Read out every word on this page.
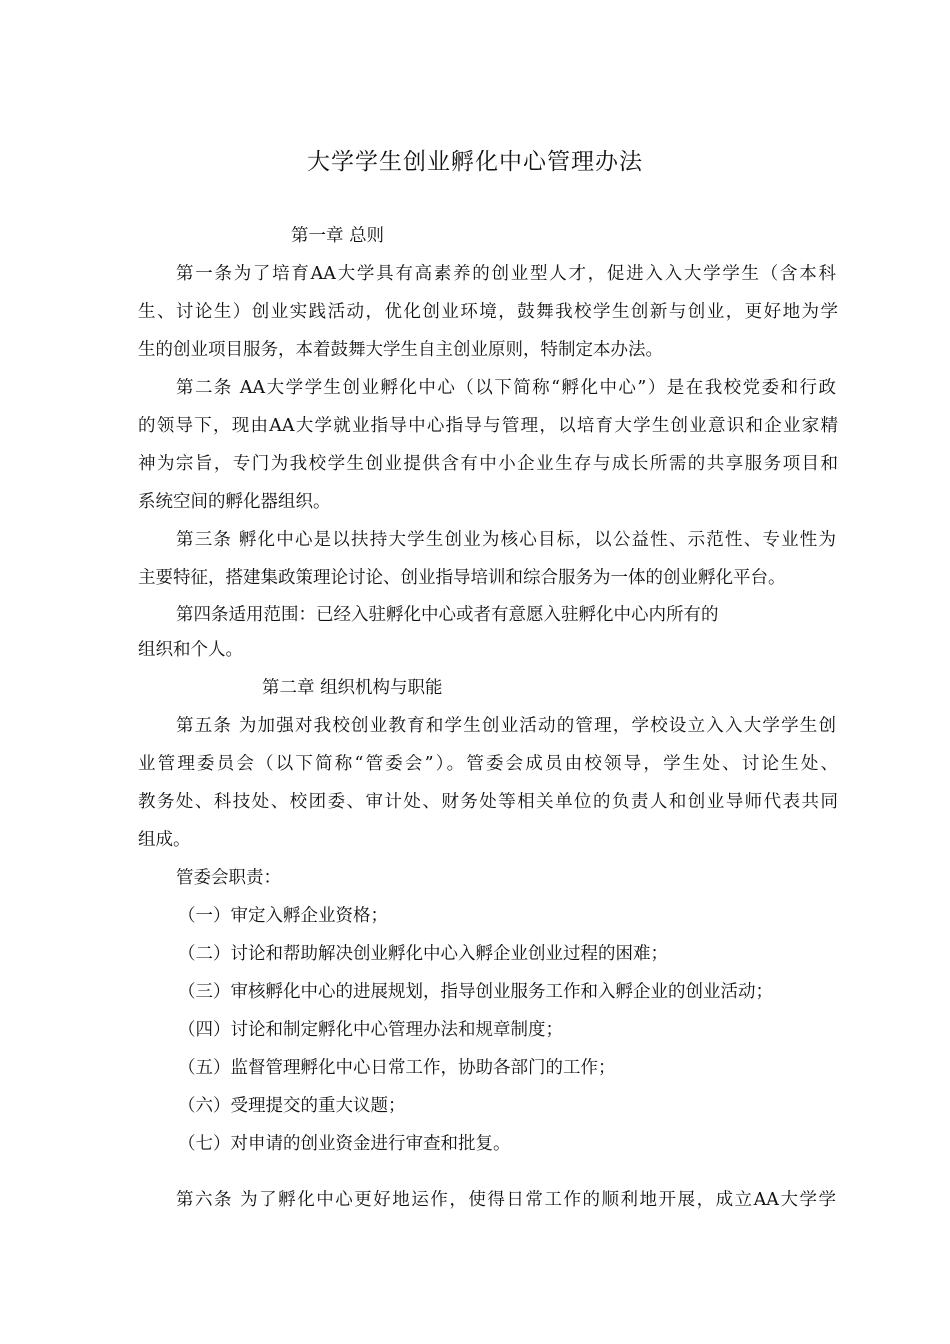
大学学生创业孵化中心管理办法

第一章 总则

第一条为了培育AA大学具有高素养的创业型人才，促进入入大学学生（含本科

生、讨论生）创业实践活动，优化创业环境，鼓舞我校学生创新与创业，更好地为学

生的创业项目服务，本着鼓舞大学生自主创业原则，特制定本办法。

第二条 AA大学学生创业孵化中心（以下简称“孵化中心”）是在我校党委和行政

的领导下，现由AA大学就业指导中心指导与管理，以培育大学生创业意识和企业家精

神为宗旨，专门为我校学生创业提供含有中小企业生存与成长所需的共享服务项目和

系统空间的孵化器组织。

第三条 孵化中心是以扶持大学生创业为核心目标，以公益性、示范性、专业性为

主要特征，搭建集政策理论讨论、创业指导培训和综合服务为一体的创业孵化平台。

第四条适用范围：已经入驻孵化中心或者有意愿入驻孵化中心内所有的

组织和个人。

第二章 组织机构与职能

第五条 为加强对我校创业教育和学生创业活动的管理，学校设立入入大学学生创

业管理委员会（以下简称“管委会”）。管委会成员由校领导，学生处、讨论生处、

教务处、科技处、校团委、审计处、财务处等相关单位的负责人和创业导师代表共同

组成。

管委会职责：

（一）审定入孵企业资格；

（二）讨论和帮助解决创业孵化中心入孵企业创业过程的困难；

（三）审核孵化中心的进展规划，指导创业服务工作和入孵企业的创业活动；

（四）讨论和制定孵化中心管理办法和规章制度；

（五）监督管理孵化中心日常工作，协助各部门的工作；

（六）受理提交的重大议题；

（七）对申请的创业资金进行审查和批复。

第六条 为了孵化中心更好地运作，使得日常工作的顺利地开展，成立AA大学学
